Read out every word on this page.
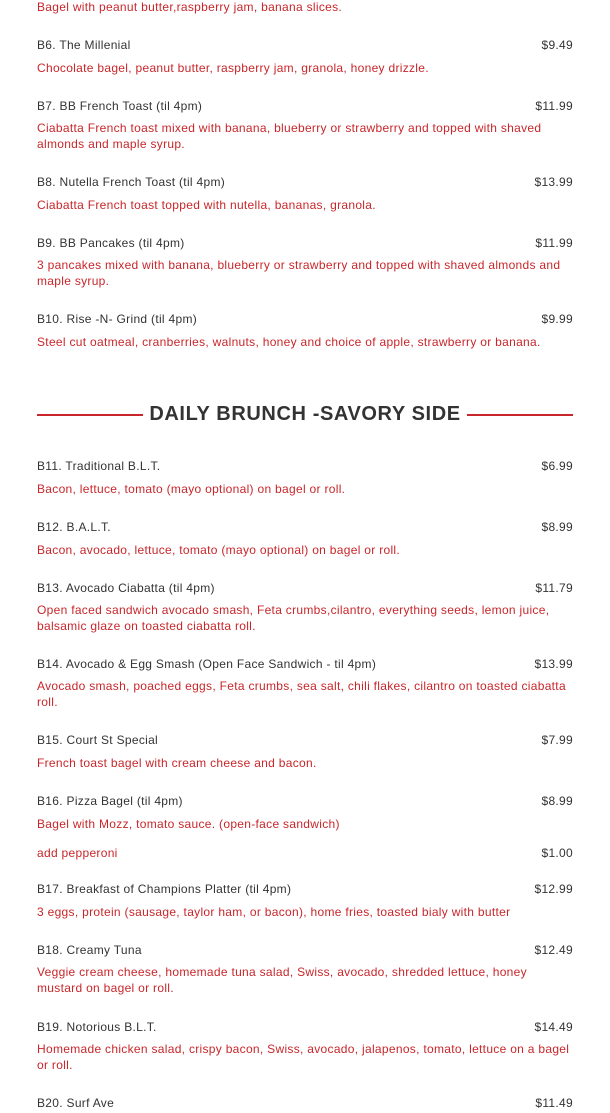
Bagel with peanut butter,raspberry jam, banana slices.
B6. The Millenial	$9.49
Chocolate bagel, peanut butter, raspberry jam, granola, honey drizzle.
B7. BB French Toast (til 4pm)	$11.99
Ciabatta French toast mixed with banana, blueberry or strawberry and topped with shaved almonds and maple syrup.
B8. Nutella French Toast (til 4pm)	$13.99
Ciabatta French toast topped with nutella, bananas, granola.
B9. BB Pancakes (til 4pm)	$11.99
3 pancakes mixed with banana, blueberry or strawberry and topped with shaved almonds and maple syrup.
B10. Rise -N- Grind (til 4pm)	$9.99
Steel cut oatmeal, cranberries, walnuts, honey and choice of apple, strawberry or banana.
DAILY BRUNCH -SAVORY SIDE
B11. Traditional B.L.T.	$6.99
Bacon, lettuce, tomato (mayo optional) on bagel or roll.
B12. B.A.L.T.	$8.99
Bacon, avocado, lettuce, tomato (mayo optional) on bagel or roll.
B13. Avocado Ciabatta (til 4pm)	$11.79
Open faced sandwich avocado smash, Feta crumbs,cilantro, everything seeds, lemon juice, balsamic glaze on toasted ciabatta roll.
B14. Avocado & Egg Smash (Open Face Sandwich - til 4pm)	$13.99
Avocado smash, poached eggs, Feta crumbs, sea salt, chili flakes, cilantro on toasted ciabatta roll.
B15. Court St Special	$7.99
French toast bagel with cream cheese and bacon.
B16. Pizza Bagel (til 4pm)	$8.99
Bagel with Mozz, tomato sauce. (open-face sandwich)
add pepperoni	$1.00
B17. Breakfast of Champions Platter (til 4pm)	$12.99
3 eggs, protein (sausage, taylor ham, or bacon), home fries, toasted bialy with butter
B18. Creamy Tuna	$12.49
Veggie cream cheese, homemade tuna salad, Swiss, avocado, shredded lettuce, honey mustard on bagel or roll.
B19. Notorious B.L.T.	$14.49
Homemade chicken salad, crispy bacon, Swiss, avocado, jalapenos, tomato, lettuce on a bagel or roll.
B20. Surf Ave	$11.49
